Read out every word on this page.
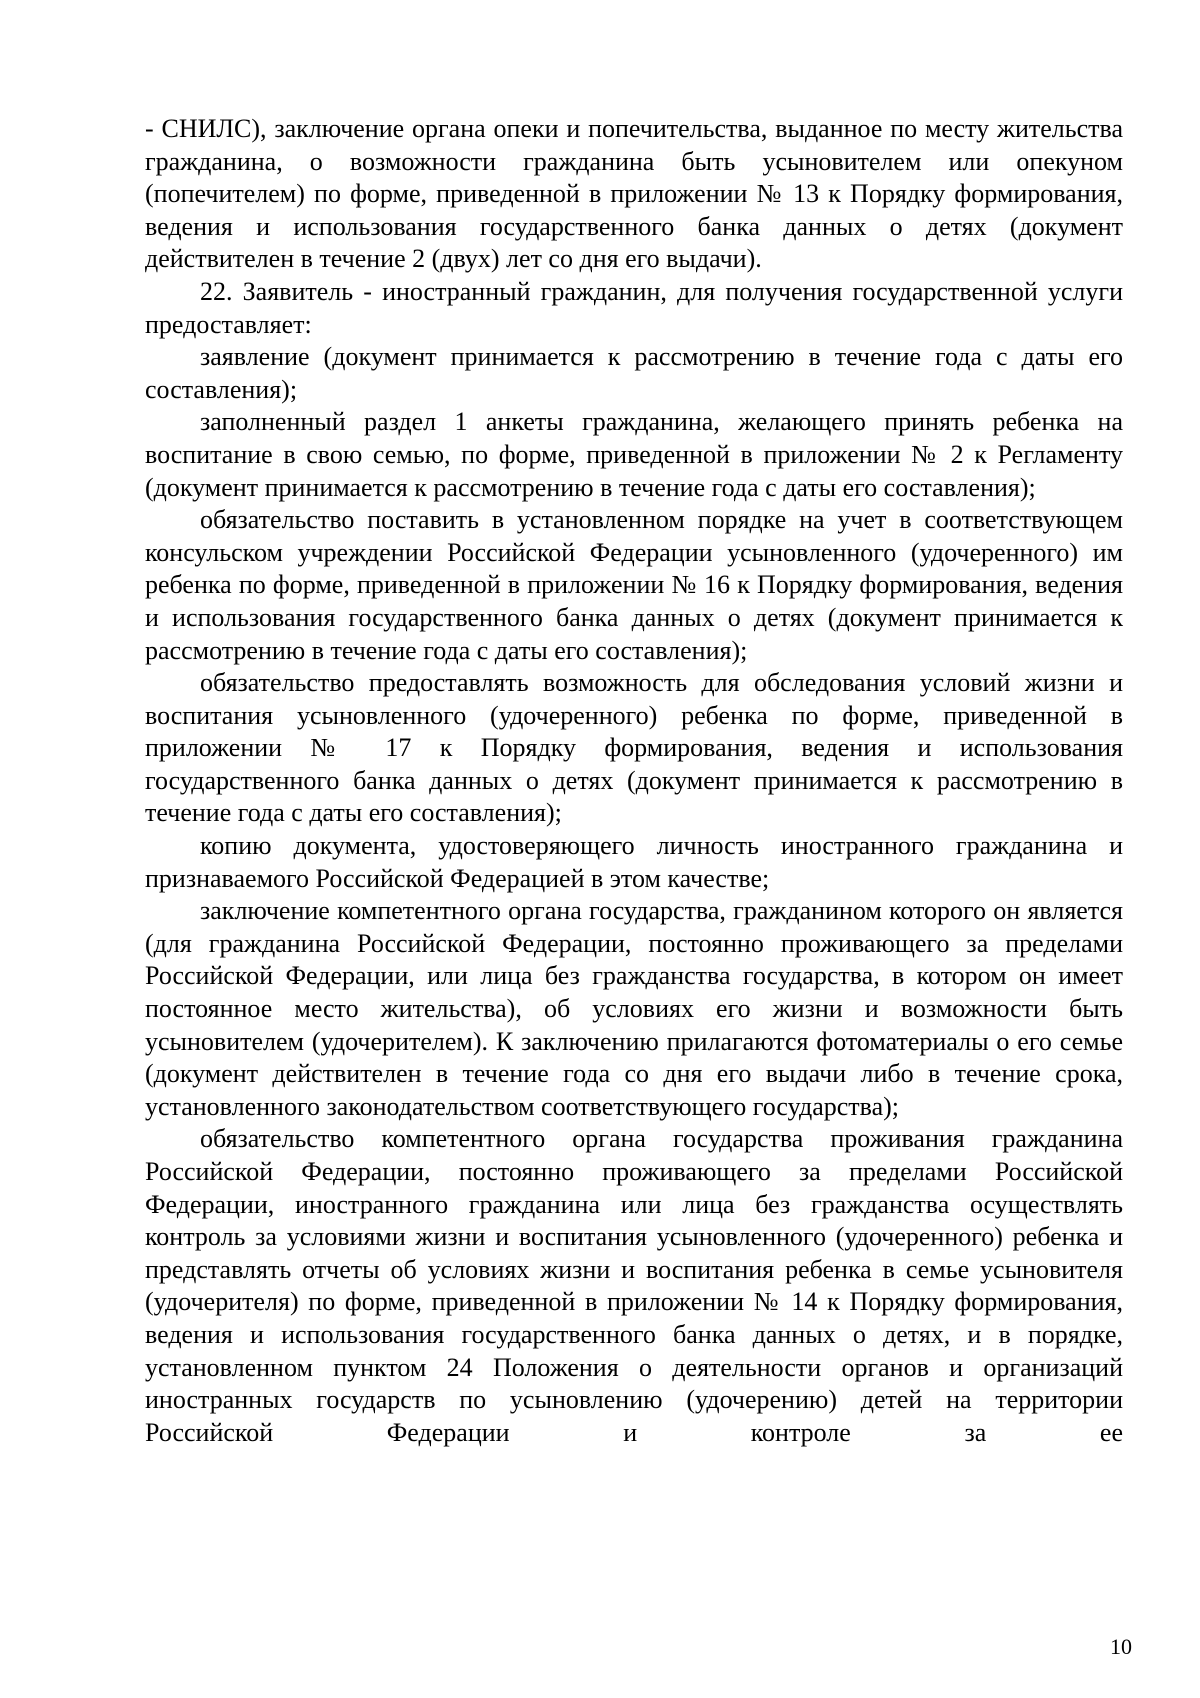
- СНИЛС), заключение органа опеки и попечительства, выданное по месту жительства гражданина, о возможности гражданина быть усыновителем или опекуном (попечителем) по форме, приведенной в приложении № 13 к Порядку формирования, ведения и использования государственного банка данных о детях (документ действителен в течение 2 (двух) лет со дня его выдачи).

22. Заявитель - иностранный гражданин, для получения государственной услуги предоставляет:

заявление (документ принимается к рассмотрению в течение года с даты его составления);

заполненный раздел 1 анкеты гражданина, желающего принять ребенка на воспитание в свою семью, по форме, приведенной в приложении № 2 к Регламенту (документ принимается к рассмотрению в течение года с даты его составления);

обязательство поставить в установленном порядке на учет в соответствующем консульском учреждении Российской Федерации усыновленного (удочеренного) им ребенка по форме, приведенной в приложении № 16 к Порядку формирования, ведения и использования государственного банка данных о детях (документ принимается к рассмотрению в течение года с даты его составления);

обязательство предоставлять возможность для обследования условий жизни и воспитания усыновленного (удочеренного) ребенка по форме, приведенной в приложении № 17 к Порядку формирования, ведения и использования государственного банка данных о детях (документ принимается к рассмотрению в течение года с даты его составления);

копию документа, удостоверяющего личность иностранного гражданина и признаваемого Российской Федерацией в этом качестве;

заключение компетентного органа государства, гражданином которого он является (для гражданина Российской Федерации, постоянно проживающего за пределами Российской Федерации, или лица без гражданства государства, в котором он имеет постоянное место жительства), об условиях его жизни и возможности быть усыновителем (удочерителем). К заключению прилагаются фотоматериалы о его семье (документ действителен в течение года со дня его выдачи либо в течение срока, установленного законодательством соответствующего государства);

обязательство компетентного органа государства проживания гражданина Российской Федерации, постоянно проживающего за пределами Российской Федерации, иностранного гражданина или лица без гражданства осуществлять контроль за условиями жизни и воспитания усыновленного (удочеренного) ребенка и представлять отчеты об условиях жизни и воспитания ребенка в семье усыновителя (удочерителя) по форме, приведенной в приложении № 14 к Порядку формирования, ведения и использования государственного банка данных о детях, и в порядке, установленном пунктом 24 Положения о деятельности органов и организаций иностранных государств по усыновлению (удочерению) детей на территории Российской Федерации и контроле за ее

10
